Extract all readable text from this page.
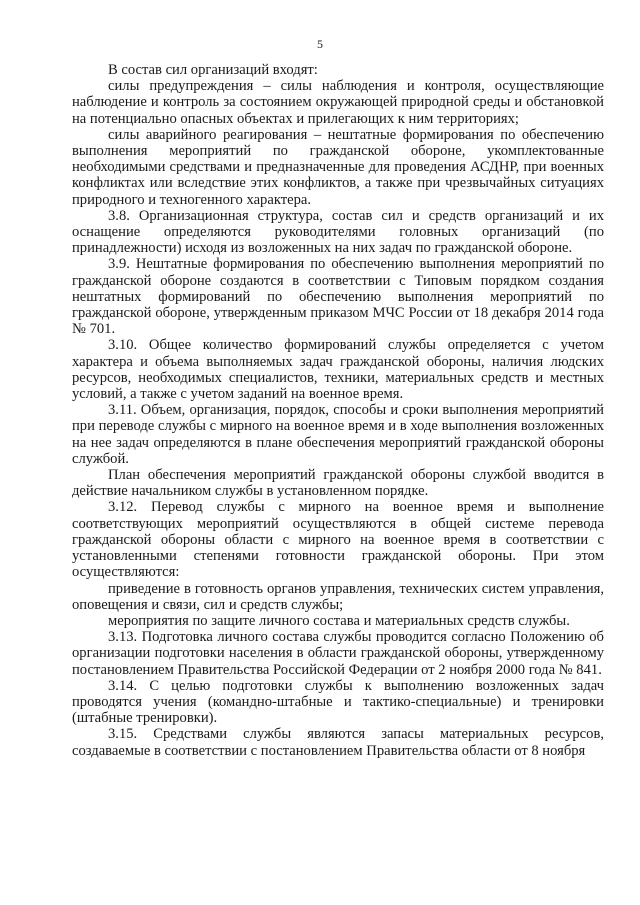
5

В состав сил организаций входят:

силы предупреждения – силы наблюдения и контроля, осуществляющие наблюдение и контроль за состоянием окружающей природной среды и обстановкой на потенциально опасных объектах и прилегающих к ним территориях;

силы аварийного реагирования – нештатные формирования по обеспечению выполнения мероприятий по гражданской обороне, укомплектованные необходимыми средствами и предназначенные для проведения АСДНР, при военных конфликтах или вследствие этих конфликтов, а также при чрезвычайных ситуациях природного и техногенного характера.

3.8. Организационная структура, состав сил и средств организаций и их оснащение определяются руководителями головных организаций (по принадлежности) исходя из возложенных на них задач по гражданской обороне.

3.9. Нештатные формирования по обеспечению выполнения мероприятий по гражданской обороне создаются в соответствии с Типовым порядком создания нештатных формирований по обеспечению выполнения мероприятий по гражданской обороне, утвержденным приказом МЧС России от 18 декабря 2014 года № 701.

3.10. Общее количество формирований службы определяется с учетом характера и объема выполняемых задач гражданской обороны, наличия людских ресурсов, необходимых специалистов, техники, материальных средств и местных условий, а также с учетом заданий на военное время.

3.11. Объем, организация, порядок, способы и сроки выполнения мероприятий при переводе службы с мирного на военное время и в ходе выполнения возложенных на нее задач определяются в плане обеспечения мероприятий гражданской обороны службой.

План обеспечения мероприятий гражданской обороны службой вводится в действие начальником службы в установленном порядке.

3.12. Перевод службы с мирного на военное время и выполнение соответствующих мероприятий осуществляются в общей системе перевода гражданской обороны области с мирного на военное время в соответствии с установленными степенями готовности гражданской обороны. При этом осуществляются:

приведение в готовность органов управления, технических систем управления, оповещения и связи, сил и средств службы;

мероприятия по защите личного состава и материальных средств службы.

3.13. Подготовка личного состава службы проводится согласно Положению об организации подготовки населения в области гражданской обороны, утвержденному постановлением Правительства Российской Федерации от 2 ноября 2000 года № 841.

3.14. С целью подготовки службы к выполнению возложенных задач проводятся учения (командно-штабные и тактико-специальные) и тренировки (штабные тренировки).

3.15. Средствами службы являются запасы материальных ресурсов, создаваемые в соответствии с постановлением Правительства области от 8 ноября
